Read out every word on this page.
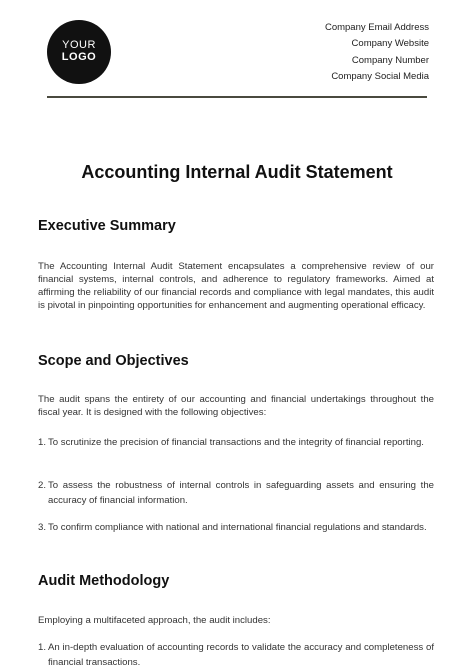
YOUR
LOGO
Company Email Address
Company Website
Company Number
Company Social Media
Accounting Internal Audit Statement
Executive Summary
The Accounting Internal Audit Statement encapsulates a comprehensive review of our financial systems, internal controls, and adherence to regulatory frameworks. Aimed at affirming the reliability of our financial records and compliance with legal mandates, this audit is pivotal in pinpointing opportunities for enhancement and augmenting operational efficacy.
Scope and Objectives
The audit spans the entirety of our accounting and financial undertakings throughout the fiscal year. It is designed with the following objectives:
1. To scrutinize the precision of financial transactions and the integrity of financial reporting.
2. To assess the robustness of internal controls in safeguarding assets and ensuring the accuracy of financial information.
3. To confirm compliance with national and international financial regulations and standards.
Audit Methodology
Employing a multifaceted approach, the audit includes:
1. An in-depth evaluation of accounting records to validate the accuracy and completeness of financial transactions.
